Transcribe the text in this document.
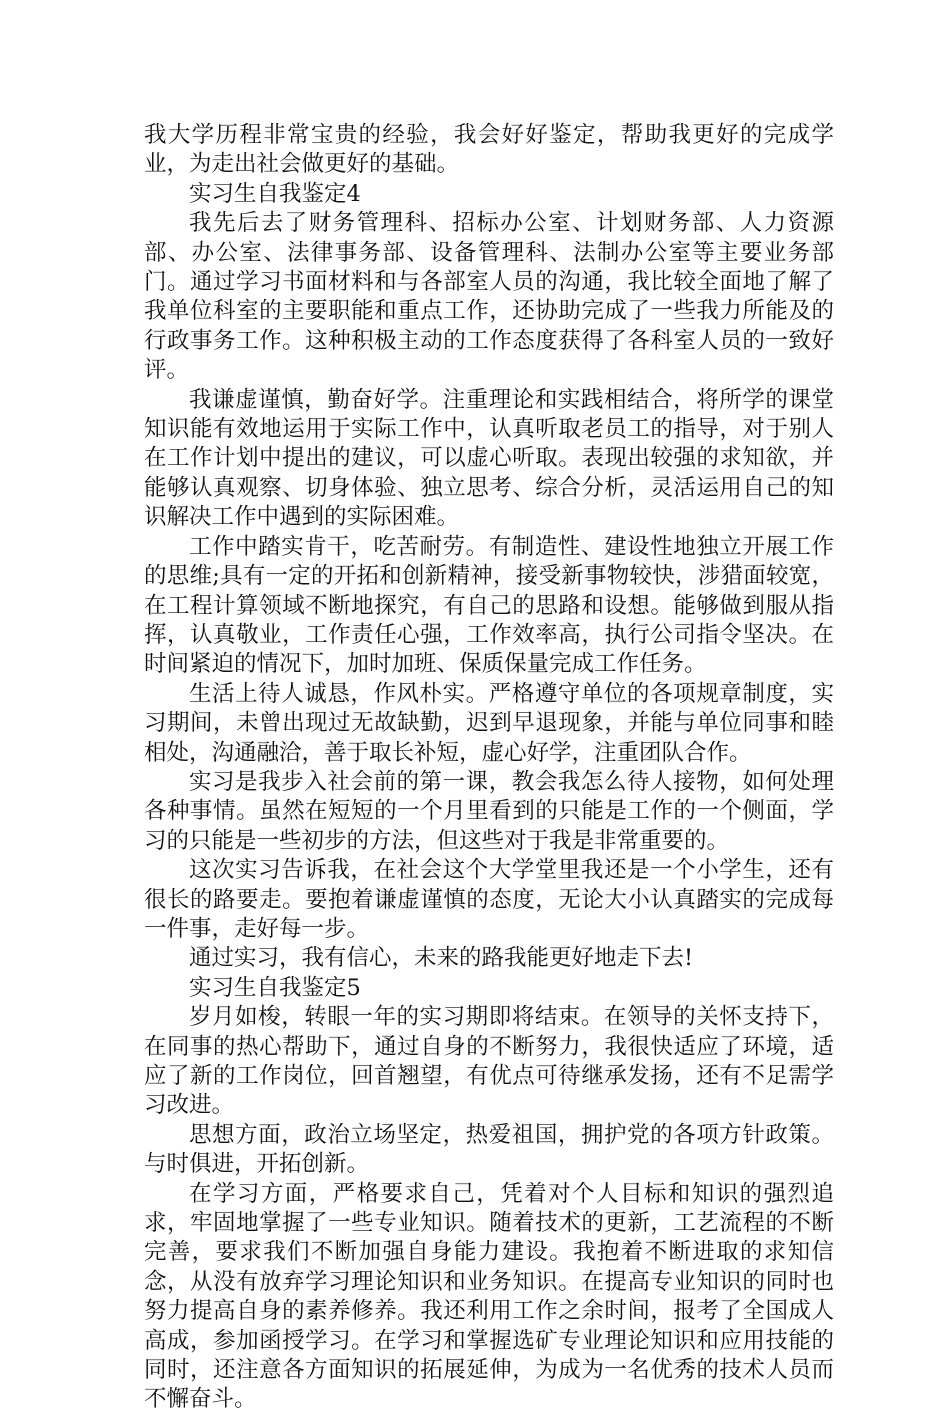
我大学历程非常宝贵的经验，我会好好鉴定，帮助我更好的完成学业，为走出社会做更好的基础。

实习生自我鉴定4

我先后去了财务管理科、招标办公室、计划财务部、人力资源部、办公室、法律事务部、设备管理科、法制办公室等主要业务部门。通过学习书面材料和与各部室人员的沟通，我比较全面地了解了我单位科室的主要职能和重点工作，还协助完成了一些我力所能及的行政事务工作。这种积极主动的工作态度获得了各科室人员的一致好评。

我谦虚谨慎，勤奋好学。注重理论和实践相结合，将所学的课堂知识能有效地运用于实际工作中，认真听取老员工的指导，对于别人在工作计划中提出的建议，可以虚心听取。表现出较强的求知欲，并能够认真观察、切身体验、独立思考、综合分析，灵活运用自己的知识解决工作中遇到的实际困难。

工作中踏实肯干，吃苦耐劳。有制造性、建设性地独立开展工作的思维;具有一定的开拓和创新精神，接受新事物较快，涉猎面较宽，在工程计算领域不断地探究，有自己的思路和设想。能够做到服从指挥，认真敬业，工作责任心强，工作效率高，执行公司指令坚决。在时间紧迫的情况下，加时加班、保质保量完成工作任务。

生活上待人诚恳，作风朴实。严格遵守单位的各项规章制度，实习期间，未曾出现过无故缺勤，迟到早退现象，并能与单位同事和睦相处，沟通融洽，善于取长补短，虚心好学，注重团队合作。

实习是我步入社会前的第一课，教会我怎么待人接物，如何处理各种事情。虽然在短短的一个月里看到的只能是工作的一个侧面，学习的只能是一些初步的方法，但这些对于我是非常重要的。

这次实习告诉我，在社会这个大学堂里我还是一个小学生，还有很长的路要走。要抱着谦虚谨慎的态度，无论大小认真踏实的完成每一件事，走好每一步。

通过实习，我有信心，未来的路我能更好地走下去!

实习生自我鉴定5

岁月如梭，转眼一年的实习期即将结束。在领导的关怀支持下，在同事的热心帮助下，通过自身的不断努力，我很快适应了环境，适应了新的工作岗位，回首翘望，有优点可待继承发扬，还有不足需学习改进。

思想方面，政治立场坚定，热爱祖国，拥护党的各项方针政策。与时俱进，开拓创新。

在学习方面，严格要求自己，凭着对个人目标和知识的强烈追求，牢固地掌握了一些专业知识。随着技术的更新，工艺流程的不断完善，要求我们不断加强自身能力建设。我抱着不断进取的求知信念，从没有放弃学习理论知识和业务知识。在提高专业知识的同时也努力提高自身的素养修养。我还利用工作之余时间，报考了全国成人高成，参加函授学习。在学习和掌握选矿专业理论知识和应用技能的同时，还注意各方面知识的拓展延伸，为成为一名优秀的技术人员而不懈奋斗。
